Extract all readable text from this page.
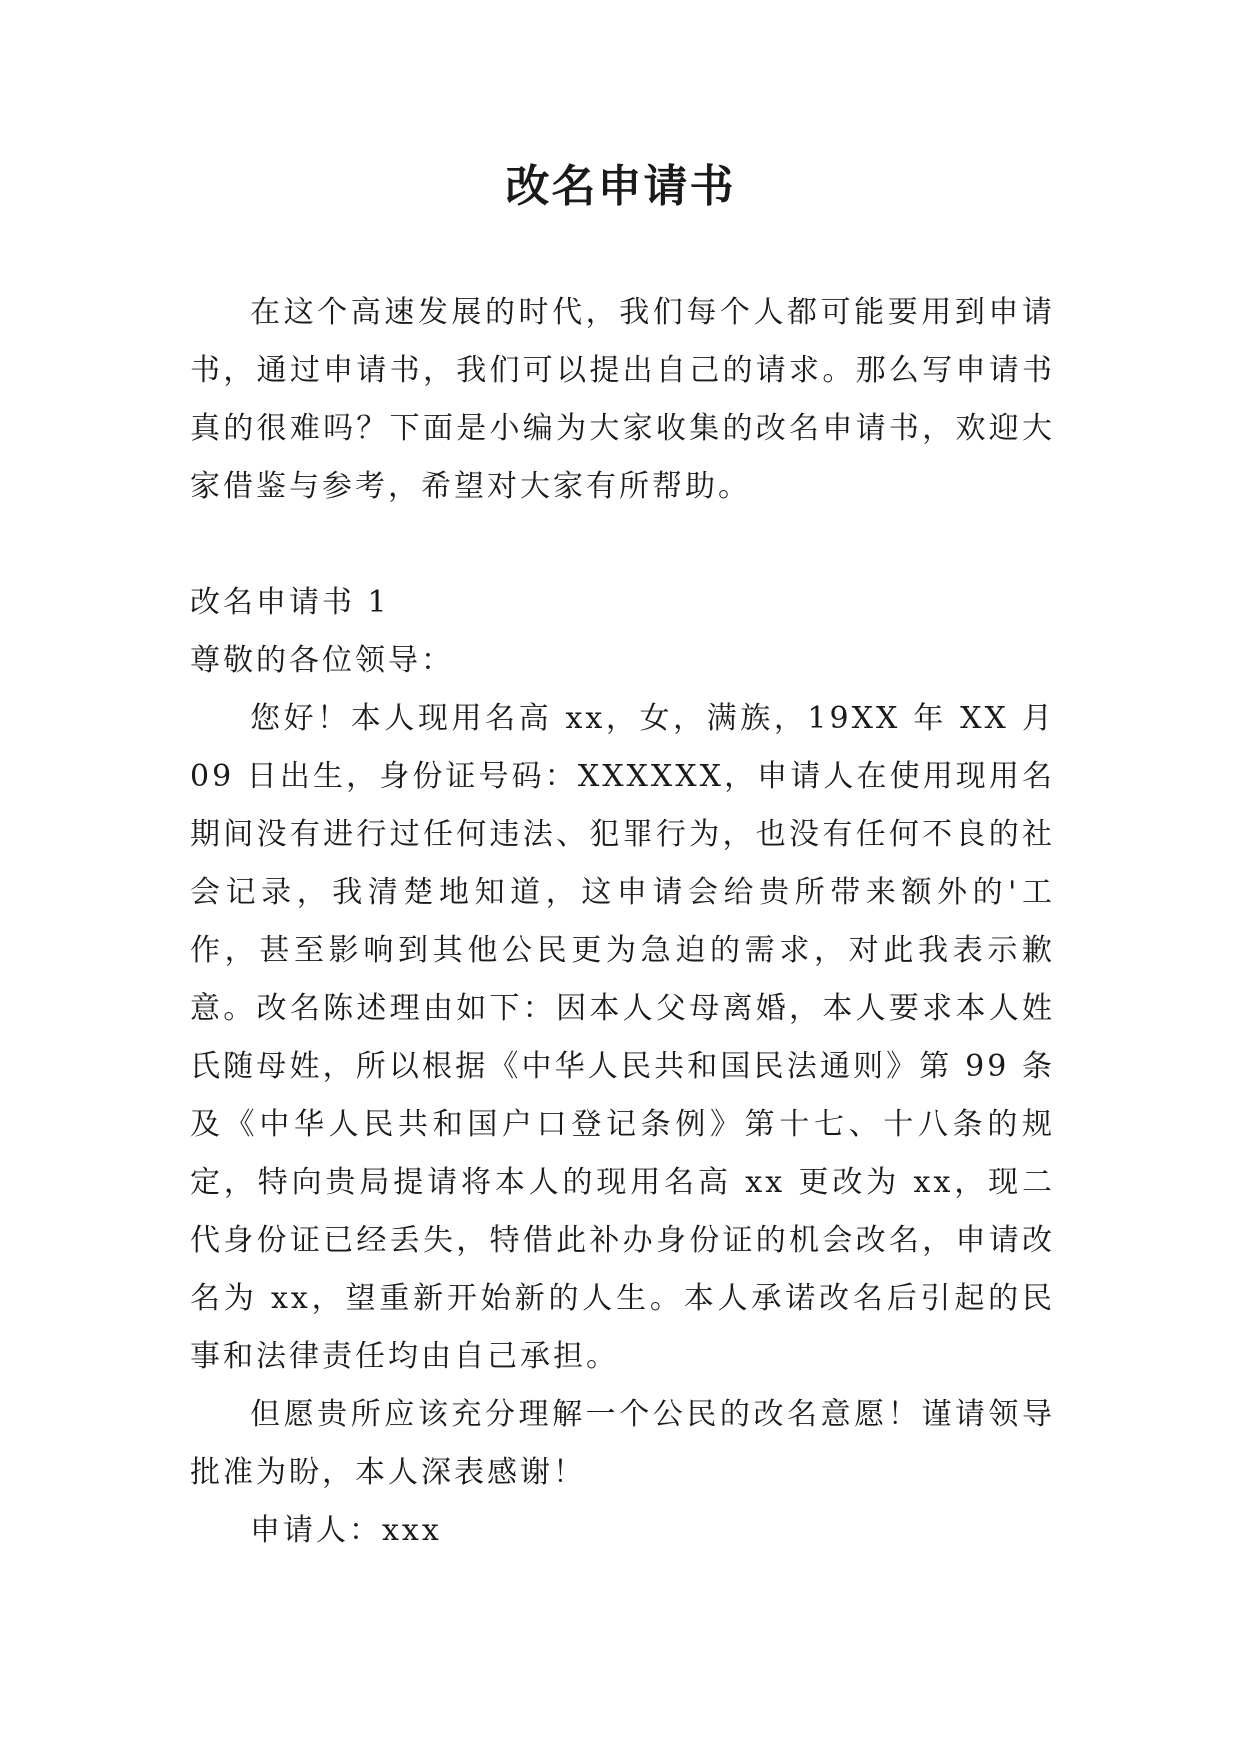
改名申请书

在这个高速发展的时代，我们每个人都可能要用到申请书，通过申请书，我们可以提出自己的请求。那么写申请书真的很难吗？下面是小编为大家收集的改名申请书，欢迎大家借鉴与参考，希望对大家有所帮助。

改名申请书 1

尊敬的各位领导：

您好！本人现用名高 xx，女，满族，19XX 年 XX 月 09 日出生，身份证号码：XXXXXX，申请人在使用现用名期间没有进行过任何违法、犯罪行为，也没有任何不良的社会记录，我清楚地知道，这申请会给贵所带来额外的'工作，甚至影响到其他公民更为急迫的需求，对此我表示歉意。改名陈述理由如下：因本人父母离婚，本人要求本人姓氏随母姓，所以根据《中华人民共和国民法通则》第 99 条及《中华人民共和国户口登记条例》第十七、十八条的规定，特向贵局提请将本人的现用名高 xx 更改为 xx，现二代身份证已经丢失，特借此补办身份证的机会改名，申请改名为 xx，望重新开始新的人生。本人承诺改名后引起的民事和法律责任均由自己承担。

但愿贵所应该充分理解一个公民的改名意愿！谨请领导批准为盼，本人深表感谢！

申请人：xxx
